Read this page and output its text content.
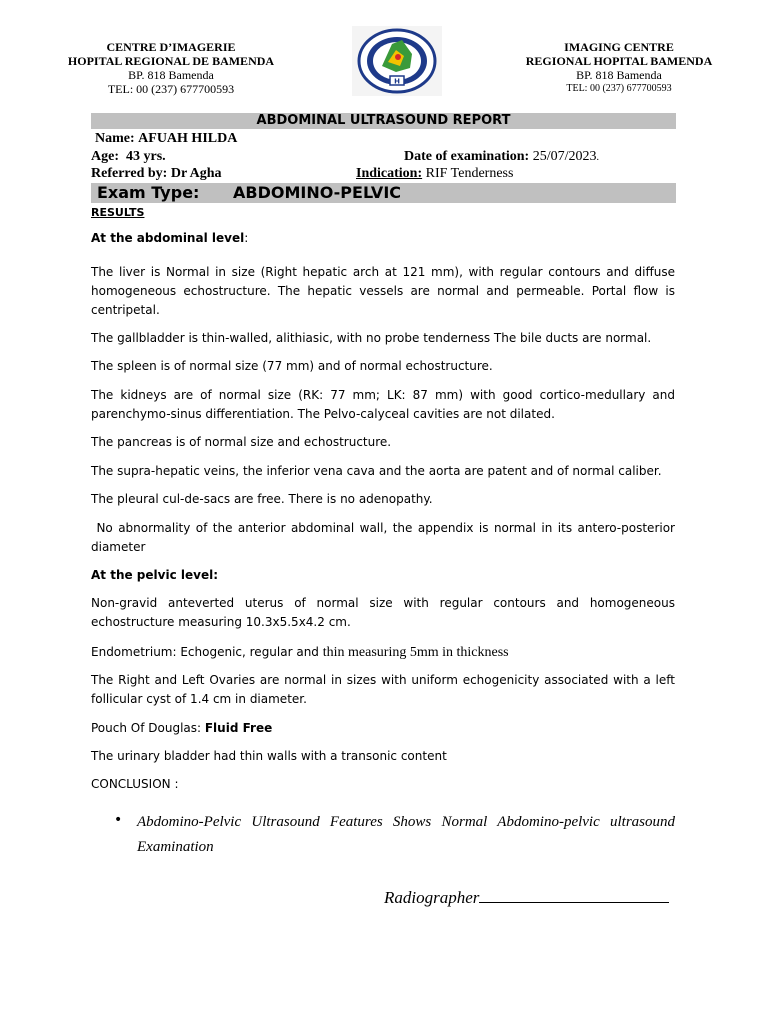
CENTRE D’IMAGERIE
HOPITAL REGIONAL DE BAMENDA
BP. 818 Bamenda
TEL: 00 (237) 677700593
H
IMAGING CENTRE
REGIONAL HOPITAL BAMENDA
BP. 818 Bamenda
TEL: 00 (237) 677700593
ABDOMINAL ULTRASOUND REPORT
Name: AFUAH HILDA
Age: 43 yrs.	Date of examination: 25/07/2023.
Referred by: Dr Agha	Indication: RIF Tenderness
Exam Type: ABDOMINO-PELVIC
RESULTS
At the abdominal level:
The liver is Normal in size (Right hepatic arch at 121 mm), with regular contours and diffuse homogeneous echostructure. The hepatic vessels are normal and permeable. Portal flow is centripetal.
The gallbladder is thin-walled, alithiasic, with no probe tenderness The bile ducts are normal.
The spleen is of normal size (77 mm) and of normal echostructure.
The kidneys are of normal size (RK: 77 mm; LK: 87 mm) with good cortico-medullary and parenchymo-sinus differentiation. The Pelvo-calyceal cavities are not dilated.
The pancreas is of normal size and echostructure.
The supra-hepatic veins, the inferior vena cava and the aorta are patent and of normal caliber.
The pleural cul-de-sacs are free. There is no adenopathy.
No abnormality of the anterior abdominal wall, the appendix is normal in its antero-posterior diameter
At the pelvic level:
Non-gravid anteverted uterus of normal size with regular contours and homogeneous echostructure measuring 10.3x5.5x4.2 cm.
Endometrium: Echogenic, regular and thin measuring 5mm in thickness
The Right and Left Ovaries are normal in sizes with uniform echogenicity associated with a left follicular cyst of 1.4 cm in diameter.
Pouch Of Douglas: Fluid Free
The urinary bladder had thin walls with a transonic content
CONCLUSION :
• Abdomino-Pelvic Ultrasound Features Shows Normal Abdomino-pelvic ultrasound Examination
Radiographer
